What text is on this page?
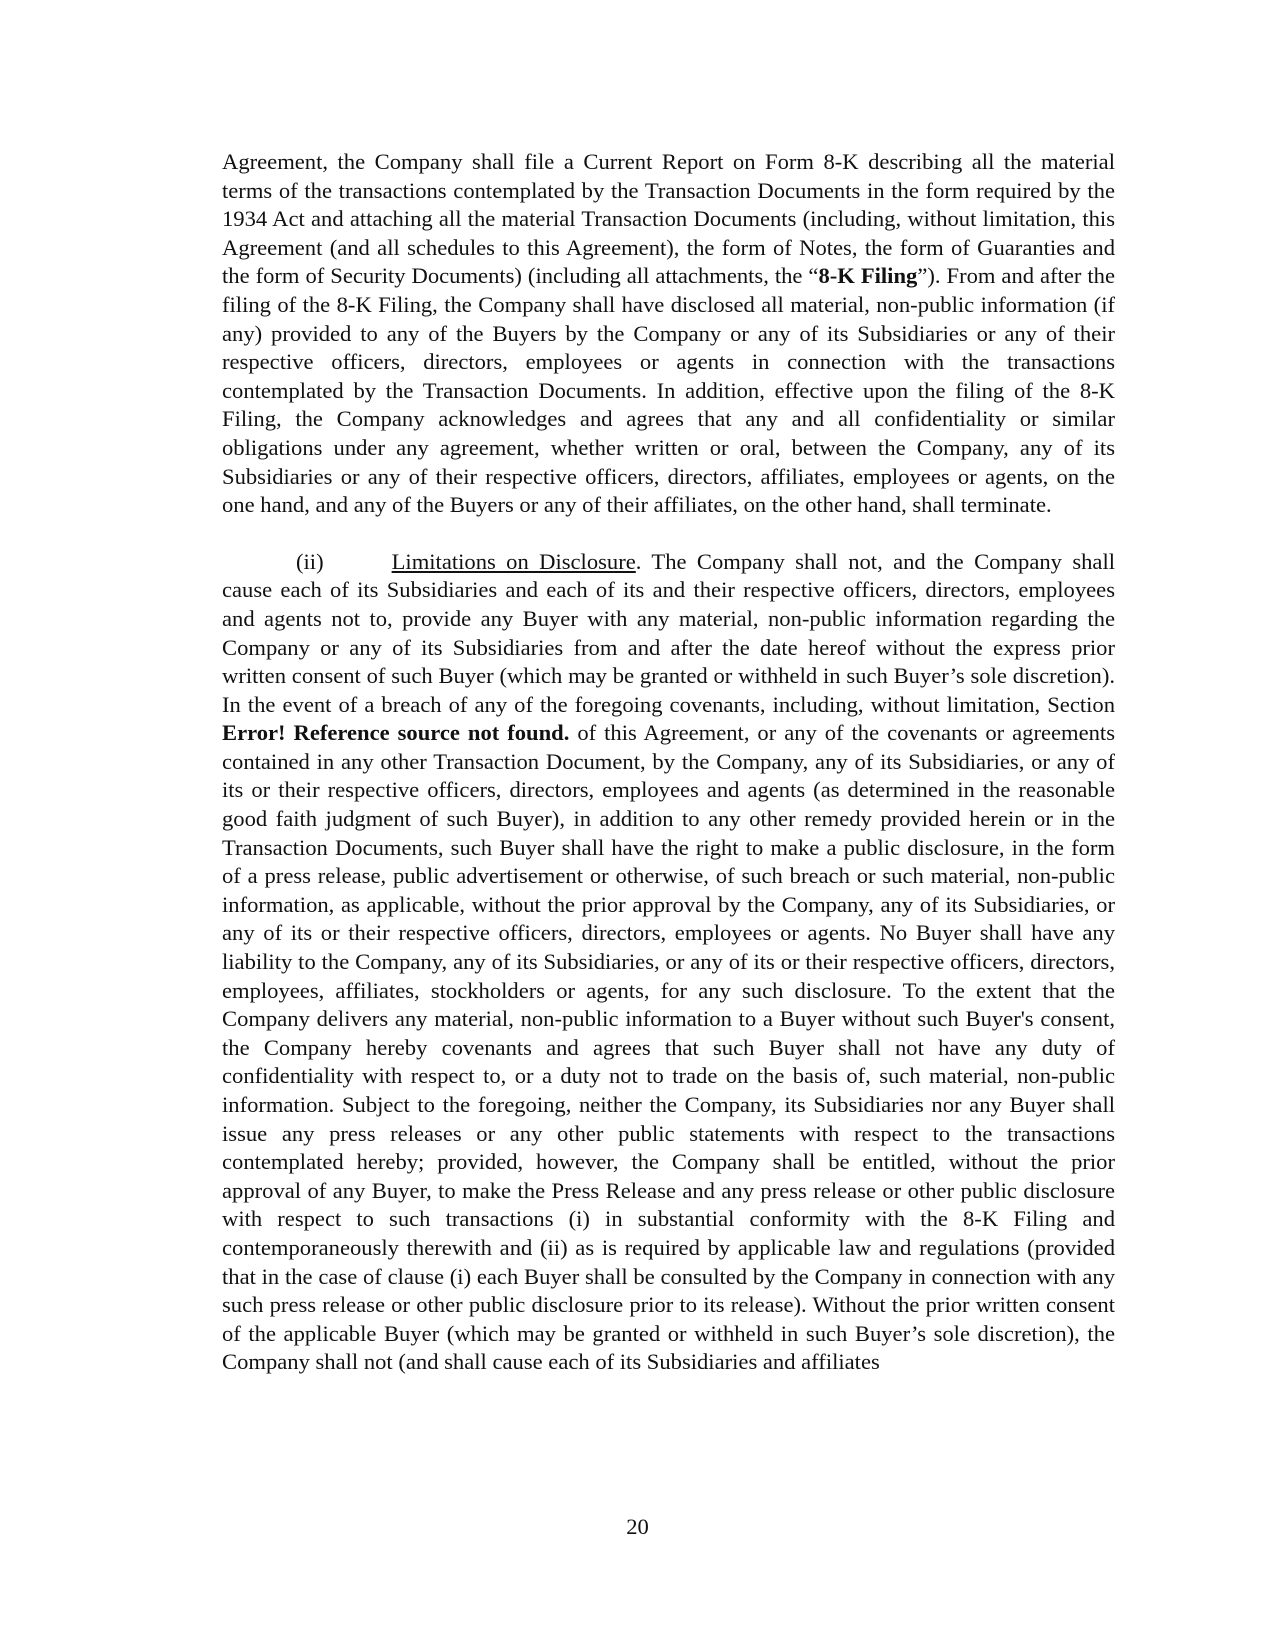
Agreement, the Company shall file a Current Report on Form 8-K describing all the material terms of the transactions contemplated by the Transaction Documents in the form required by the 1934 Act and attaching all the material Transaction Documents (including, without limitation, this Agreement (and all schedules to this Agreement), the form of Notes, the form of Guaranties and the form of Security Documents) (including all attachments, the “8-K Filing”). From and after the filing of the 8-K Filing, the Company shall have disclosed all material, non-public information (if any) provided to any of the Buyers by the Company or any of its Subsidiaries or any of their respective officers, directors, employees or agents in connection with the transactions contemplated by the Transaction Documents. In addition, effective upon the filing of the 8-K Filing, the Company acknowledges and agrees that any and all confidentiality or similar obligations under any agreement, whether written or oral, between the Company, any of its Subsidiaries or any of their respective officers, directors, affiliates, employees or agents, on the one hand, and any of the Buyers or any of their affiliates, on the other hand, shall terminate.

(ii)	Limitations on Disclosure. The Company shall not, and the Company shall cause each of its Subsidiaries and each of its and their respective officers, directors, employees and agents not to, provide any Buyer with any material, non-public information regarding the Company or any of its Subsidiaries from and after the date hereof without the express prior written consent of such Buyer (which may be granted or withheld in such Buyer’s sole discretion). In the event of a breach of any of the foregoing covenants, including, without limitation, Section Error! Reference source not found. of this Agreement, or any of the covenants or agreements contained in any other Transaction Document, by the Company, any of its Subsidiaries, or any of its or their respective officers, directors, employees and agents (as determined in the reasonable good faith judgment of such Buyer), in addition to any other remedy provided herein or in the Transaction Documents, such Buyer shall have the right to make a public disclosure, in the form of a press release, public advertisement or otherwise, of such breach or such material, non-public information, as applicable, without the prior approval by the Company, any of its Subsidiaries, or any of its or their respective officers, directors, employees or agents. No Buyer shall have any liability to the Company, any of its Subsidiaries, or any of its or their respective officers, directors, employees, affiliates, stockholders or agents, for any such disclosure. To the extent that the Company delivers any material, non-public information to a Buyer without such Buyer's consent, the Company hereby covenants and agrees that such Buyer shall not have any duty of confidentiality with respect to, or a duty not to trade on the basis of, such material, non-public information. Subject to the foregoing, neither the Company, its Subsidiaries nor any Buyer shall issue any press releases or any other public statements with respect to the transactions contemplated hereby; provided, however, the Company shall be entitled, without the prior approval of any Buyer, to make the Press Release and any press release or other public disclosure with respect to such transactions (i) in substantial conformity with the 8-K Filing and contemporaneously therewith and (ii) as is required by applicable law and regulations (provided that in the case of clause (i) each Buyer shall be consulted by the Company in connection with any such press release or other public disclosure prior to its release). Without the prior written consent of the applicable Buyer (which may be granted or withheld in such Buyer’s sole discretion), the Company shall not (and shall cause each of its Subsidiaries and affiliates

20
